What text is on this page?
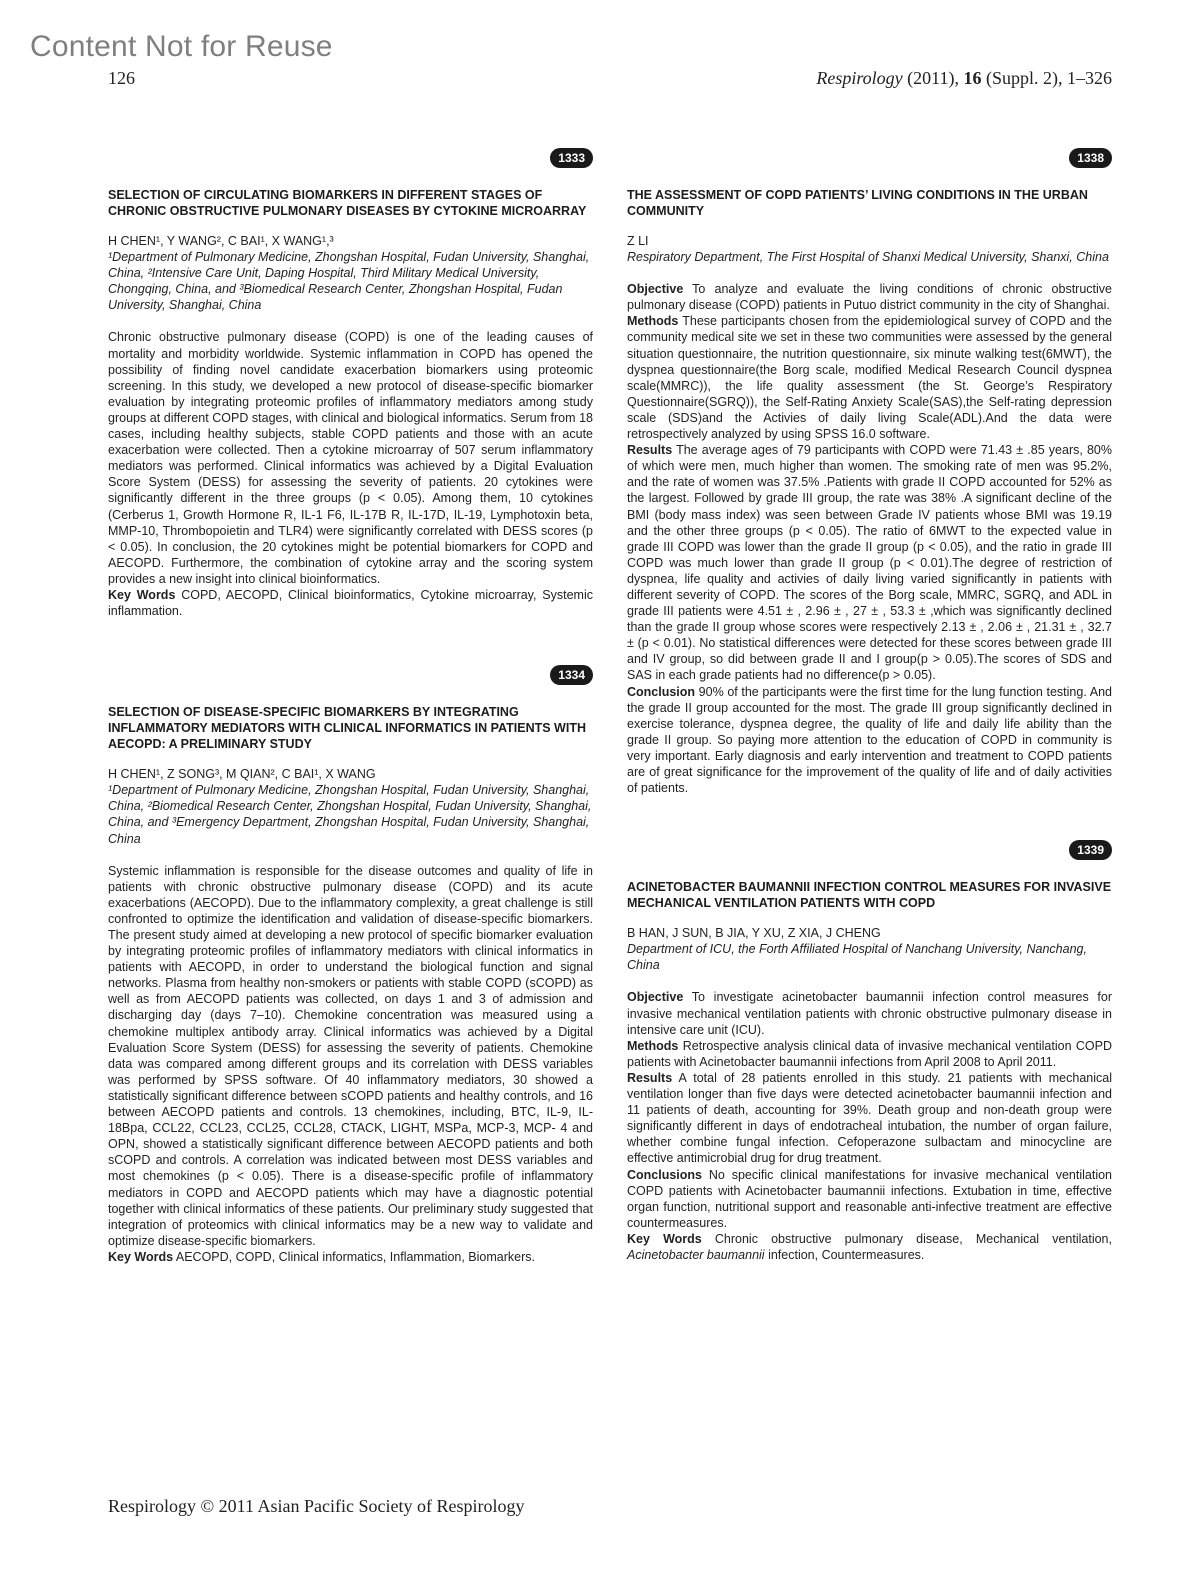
Content Not for Reuse
126	Respirology (2011), 16 (Suppl. 2), 1–326
1333
SELECTION OF CIRCULATING BIOMARKERS IN DIFFERENT STAGES OF CHRONIC OBSTRUCTIVE PULMONARY DISEASES BY CYTOKINE MICROARRAY

H CHEN¹, Y WANG², C BAI¹, X WANG¹,³

¹Department of Pulmonary Medicine, Zhongshan Hospital, Fudan University, Shanghai, China, ²Intensive Care Unit, Daping Hospital, Third Military Medical University, Chongqing, China, and ³Biomedical Research Center, Zhongshan Hospital, Fudan University, Shanghai, China

Chronic obstructive pulmonary disease (COPD) is one of the leading causes of mortality and morbidity worldwide. Systemic inflammation in COPD has opened the possibility of finding novel candidate exacerbation biomarkers using proteomic screening. In this study, we developed a new protocol of disease-specific biomarker evaluation by integrating proteomic profiles of inflammatory mediators among study groups at different COPD stages, with clinical and biological informatics. Serum from 18 cases, including healthy subjects, stable COPD patients and those with an acute exacerbation were collected. Then a cytokine microarray of 507 serum inflammatory mediators was performed. Clinical informatics was achieved by a Digital Evaluation Score System (DESS) for assessing the severity of patients. 20 cytokines were significantly different in the three groups (p < 0.05). Among them, 10 cytokines (Cerberus 1, Growth Hormone R, IL-1 F6, IL-17B R, IL-17D, IL-19, Lymphotoxin beta, MMP-10, Thrombopoietin and TLR4) were significantly correlated with DESS scores (p < 0.05). In conclusion, the 20 cytokines might be potential biomarkers for COPD and AECOPD. Furthermore, the combination of cytokine array and the scoring system provides a new insight into clinical bioinformatics.

Key Words COPD, AECOPD, Clinical bioinformatics, Cytokine microarray, Systemic inflammation.

1334
SELECTION OF DISEASE-SPECIFIC BIOMARKERS BY INTEGRATING INFLAMMATORY MEDIATORS WITH CLINICAL INFORMATICS IN PATIENTS WITH AECOPD: A PRELIMINARY STUDY

H CHEN¹, Z SONG³, M QIAN², C BAI¹, X WANG

¹Department of Pulmonary Medicine, Zhongshan Hospital, Fudan University, Shanghai, China, ²Biomedical Research Center, Zhongshan Hospital, Fudan University, Shanghai, China, and ³Emergency Department, Zhongshan Hospital, Fudan University, Shanghai, China

Systemic inflammation is responsible for the disease outcomes and quality of life in patients with chronic obstructive pulmonary disease (COPD) and its acute exacerbations (AECOPD). Due to the inflammatory complexity, a great challenge is still confronted to optimize the identification and validation of disease-specific biomarkers. The present study aimed at developing a new protocol of specific biomarker evaluation by integrating proteomic profiles of inflammatory mediators with clinical informatics in patients with AECOPD, in order to understand the biological function and signal networks. Plasma from healthy non-smokers or patients with stable COPD (sCOPD) as well as from AECOPD patients was collected, on days 1 and 3 of admission and discharging day (days 7–10). Chemokine concentration was measured using a chemokine multiplex antibody array. Clinical informatics was achieved by a Digital Evaluation Score System (DESS) for assessing the severity of patients. Chemokine data was compared among different groups and its correlation with DESS variables was performed by SPSS software. Of 40 inflammatory mediators, 30 showed a statistically significant difference between sCOPD patients and healthy controls, and 16 between AECOPD patients and controls. 13 chemokines, including, BTC, IL-9, IL-18Bpa, CCL22, CCL23, CCL25, CCL28, CTACK, LIGHT, MSPa, MCP-3, MCP- 4 and OPN, showed a statistically significant difference between AECOPD patients and both sCOPD and controls. A correlation was indicated between most DESS variables and most chemokines (p < 0.05). There is a disease-specific profile of inflammatory mediators in COPD and AECOPD patients which may have a diagnostic potential together with clinical informatics of these patients. Our preliminary study suggested that integration of proteomics with clinical informatics may be a new way to validate and optimize disease-specific biomarkers.

Key Words AECOPD, COPD, Clinical informatics, Inflammation, Biomarkers.

1338
THE ASSESSMENT OF COPD PATIENTS’ LIVING CONDITIONS IN THE URBAN COMMUNITY

Z LI

Respiratory Department, The First Hospital of Shanxi Medical University, Shanxi, China

Objective To analyze and evaluate the living conditions of chronic obstructive pulmonary disease (COPD) patients in Putuo district community in the city of Shanghai.

Methods These participants chosen from the epidemiological survey of COPD and the community medical site we set in these two communities were assessed by the general situation questionnaire, the nutrition questionnaire, six minute walking test(6MWT), the dyspnea questionnaire(the Borg scale, modified Medical Research Council dyspnea scale(MMRC)), the life quality assessment (the St. George’s Respiratory Questionnaire(SGRQ)), the Self-Rating Anxiety Scale(SAS),the Self-rating depression scale (SDS)and the Activies of daily living Scale(ADL).And the data were retrospectively analyzed by using SPSS 16.0 software.

Results The average ages of 79 participants with COPD were 71.43 ± .85 years, 80% of which were men, much higher than women. The smoking rate of men was 95.2%, and the rate of women was 37.5% .Patients with grade II COPD accounted for 52% as the largest. Followed by grade III group, the rate was 38% .A significant decline of the BMI (body mass index) was seen between Grade IV patients whose BMI was 19.19 and the other three groups (p < 0.05). The ratio of 6MWT to the expected value in grade III COPD was lower than the grade II group (p < 0.05), and the ratio in grade III COPD was much lower than grade II group (p < 0.01).The degree of restriction of dyspnea, life quality and activies of daily living varied significantly in patients with different severity of COPD. The scores of the Borg scale, MMRC, SGRQ, and ADL in grade III patients were 4.51 ± , 2.96 ± , 27 ± , 53.3 ± ,which was significantly declined than the grade II group whose scores were respectively 2.13 ± , 2.06 ± , 21.31 ± , 32.7 ± (p < 0.01). No statistical differences were detected for these scores between grade III and IV group, so did between grade II and I group(p > 0.05).The scores of SDS and SAS in each grade patients had no difference(p > 0.05).

Conclusion 90% of the participants were the first time for the lung function testing. And the grade II group accounted for the most. The grade III group significantly declined in exercise tolerance, dyspnea degree, the quality of life and daily life ability than the grade II group. So paying more attention to the education of COPD in community is very important. Early diagnosis and early intervention and treatment to COPD patients are of great significance for the improvement of the quality of life and of daily activities of patients.

1339
ACINETOBACTER BAUMANNII INFECTION CONTROL MEASURES FOR INVASIVE MECHANICAL VENTILATION PATIENTS WITH COPD

B HAN, J SUN, B JIA, Y XU, Z XIA, J CHENG

Department of ICU, the Forth Affiliated Hospital of Nanchang University, Nanchang, China

Objective To investigate acinetobacter baumannii infection control measures for invasive mechanical ventilation patients with chronic obstructive pulmonary disease in intensive care unit (ICU).

Methods Retrospective analysis clinical data of invasive mechanical ventilation COPD patients with Acinetobacter baumannii infections from April 2008 to April 2011.

Results A total of 28 patients enrolled in this study. 21 patients with mechanical ventilation longer than five days were detected acinetobacter baumannii infection and 11 patients of death, accounting for 39%. Death group and non-death group were significantly different in days of endotracheal intubation, the number of organ failure, whether combine fungal infection. Cefoperazone sulbactam and minocycline are effective antimicrobial drug for drug treatment.

Conclusions No specific clinical manifestations for invasive mechanical ventilation COPD patients with Acinetobacter baumannii infections. Extubation in time, effective organ function, nutritional support and reasonable anti-infective treatment are effective countermeasures.

Key Words Chronic obstructive pulmonary disease, Mechanical ventilation, Acinetobacter baumannii infection, Countermeasures.

Respirology © 2011 Asian Pacific Society of Respirology
